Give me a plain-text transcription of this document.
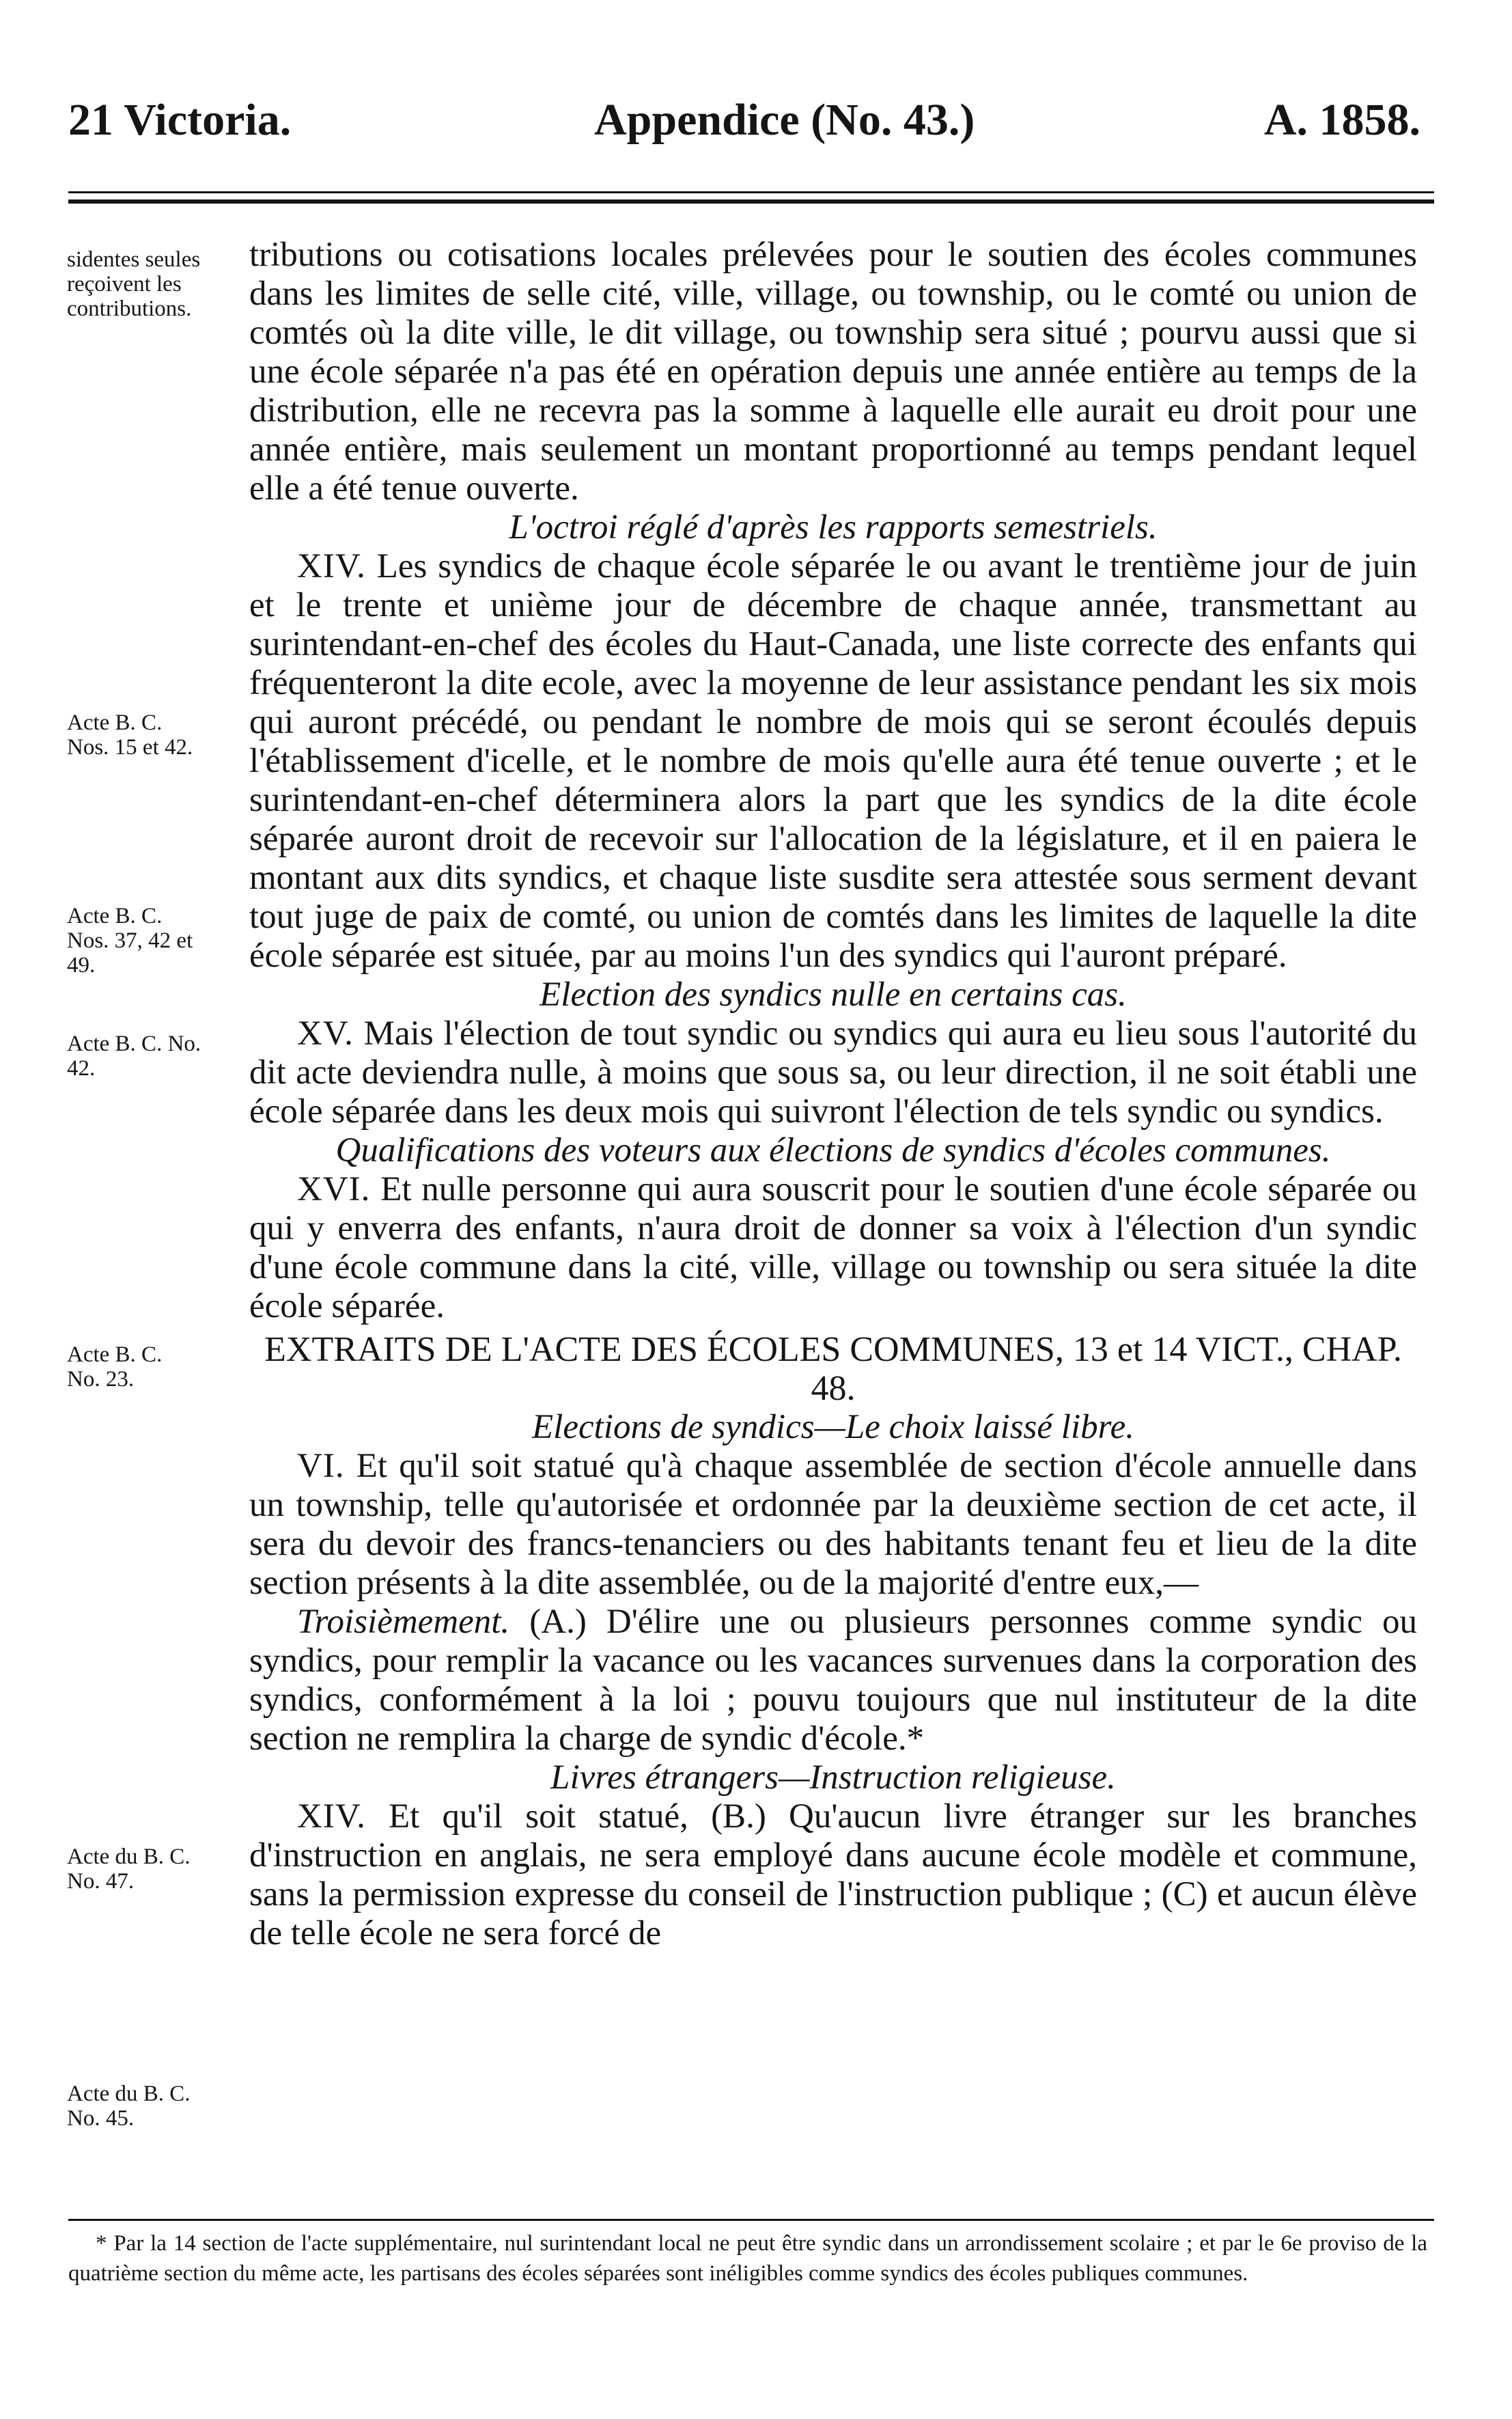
21 Victoria.	Appendice (No. 43.)	A. 1858.
sidentes seules
reçoivent les
contributions.
Acte B. C.
Nos. 15 et 42.
Acte B. C.
Nos. 37, 42 et
49.
Acte B. C. No.
42.
Acte B. C.
No. 23.
Acte du B. C.
No. 47.
Acte du B. C.
No. 45.

tributions ou cotisations locales prélevées pour le soutien des écoles communes dans les limites de selle cité, ville, village, ou township, ou le comté ou union de comtés où la dite ville, le dit village, ou township sera situé ; pourvu aussi que si une école séparée n'a pas été en opération depuis une année entière au temps de la distribution, elle ne recevra pas la somme à laquelle elle aurait eu droit pour une année entière, mais seulement un montant proportionné au temps pendant lequel elle a été tenue ouverte.

L'octroi réglé d'après les rapports semestriels.

XIV. Les syndics de chaque école séparée le ou avant le trentième jour de juin et le trente et unième jour de décembre de chaque année, transmettant au surintendant-en-chef des écoles du Haut-Canada, une liste correcte des enfants qui fréquenteront la dite ecole, avec la moyenne de leur assistance pendant les six mois qui auront précédé, ou pendant le nombre de mois qui se seront écoulés depuis l'établissement d'icelle, et le nombre de mois qu'elle aura été tenue ouverte ; et le surintendant-en-chef déterminera alors la part que les syndics de la dite école séparée auront droit de recevoir sur l'allocation de la législature, et il en paiera le montant aux dits syndics, et chaque liste susdite sera attestée sous serment devant tout juge de paix de comté, ou union de comtés dans les limites de laquelle la dite école séparée est située, par au moins l'un des syndics qui l'auront préparé.

Election des syndics nulle en certains cas.

XV. Mais l'élection de tout syndic ou syndics qui aura eu lieu sous l'autorité du dit acte deviendra nulle, à moins que sous sa, ou leur direction, il ne soit établi une école séparée dans les deux mois qui suivront l'élection de tels syndic ou syndics.

Qualifications des voteurs aux élections de syndics d'écoles communes.

XVI. Et nulle personne qui aura souscrit pour le soutien d'une école séparée ou qui y enverra des enfants, n'aura droit de donner sa voix à l'élection d'un syndic d'une école commune dans la cité, ville, village ou township ou sera située la dite école séparée.

EXTRAITS DE L'ACTE DES ÉCOLES COMMUNES, 13 et 14 VICT., CHAP. 48.

Elections de syndics—Le choix laissé libre.

VI. Et qu'il soit statué qu'à chaque assemblée de section d'école annuelle dans un township, telle qu'autorisée et ordonnée par la deuxième section de cet acte, il sera du devoir des francs-tenanciers ou des habitants tenant feu et lieu de la dite section présents à la dite assemblée, ou de la majorité d'entre eux,—

Troisièmement. (A.) D'élire une ou plusieurs personnes comme syndic ou syndics, pour remplir la vacance ou les vacances survenues dans la corporation des syndics, conformément à la loi ; pouvu toujours que nul instituteur de la dite section ne remplira la charge de syndic d'école.*

Livres étrangers—Instruction religieuse.

XIV. Et qu'il soit statué, (B.) Qu'aucun livre étranger sur les branches d'instruction en anglais, ne sera employé dans aucune école modèle et commune, sans la permission expresse du conseil de l'instruction publique ; (C) et aucun élève de telle école ne sera forcé de

* Par la 14 section de l'acte supplémentaire, nul surintendant local ne peut être syndic dans un arrondissement scolaire ; et par le 6e proviso de la quatrième section du même acte, les partisans des écoles séparées sont inéligibles comme syndics des écoles publiques communes.
